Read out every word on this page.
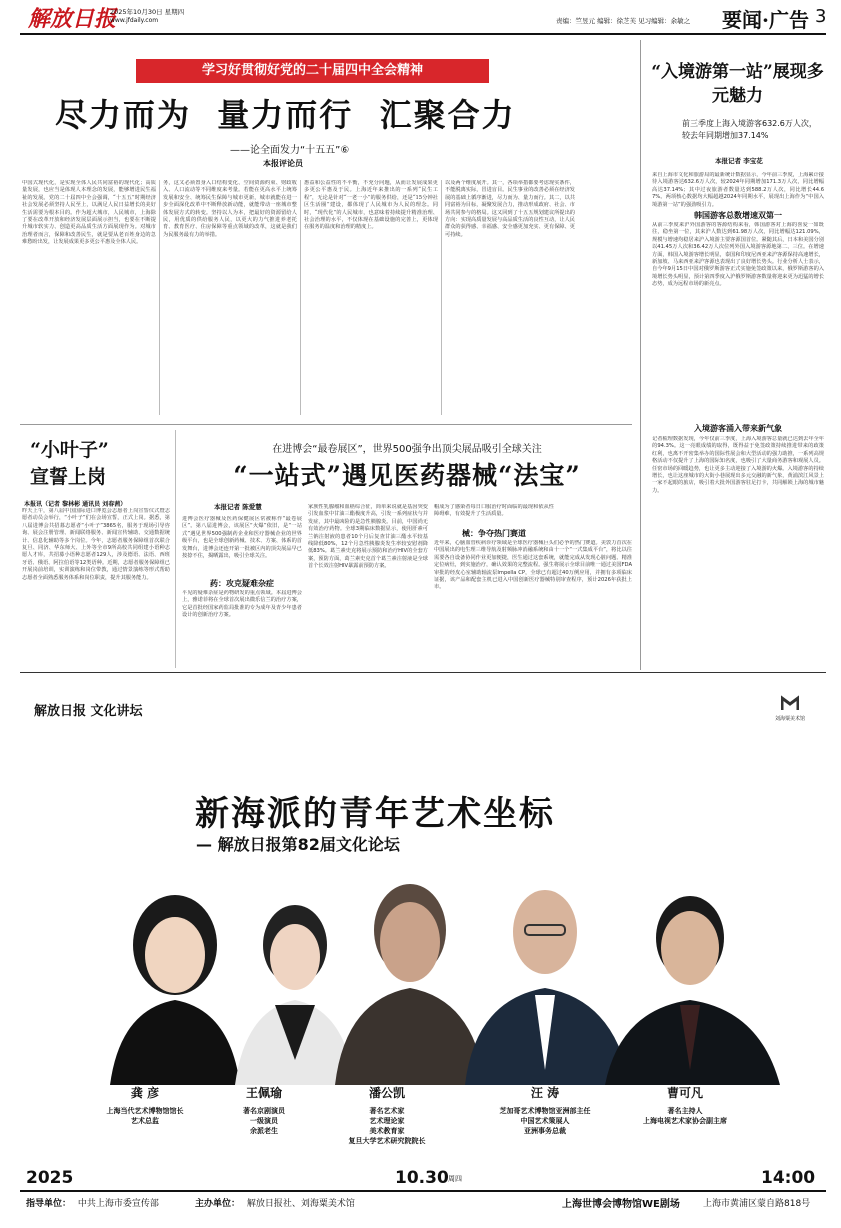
解放日报
2025年10月30日 星期四
www.jfdaily.com	责编：竺昱元 编辑：徐芝芙 见习编辑：余敏之 要闻·广告 3
学习好贯彻好党的二十届四中全会精神
尽力而为  量力而行  汇聚合力
——论全面发力“十五五”⑥
本报评论员
中国式现代化，是实现全体人民共同富裕的现代化；高质量发展，也应当是体现人本理念的发展，能够增进民生福祉的发展。党的二十届四中全会强调，“十五五”时期经济社会发展必须坚持人民至上，以满足人民日益增长的美好生活需要为根本目的。作为超大城市，人民城市，上海除了要在改革开放和经济发展层面展示担当，也要在不断提升城市软实力、创造更高品质生活方面展现作为。对城市治理者而言，保障和改善民生，就是要从老百姓身边的急难愁盼出发，让发展成果更多更公平惠及全体人民。
务，这又必须置身入口结构变化、空间资源约束、财政收入、人口流动等不同维度来考量。若能在更高水平上统筹发展和安全、统筹民生保障与城市更新，城市就能在进一步全面深化改革中不断释放新动能，就能带动一座城市整体发展方式的转变。坚持以人为本，把最好的资源留给人民，用优质的供给服务人民，以更大的力气推进养老托育、教育医疗、住房保障等重点领域的改革，这就是我们为民服务最有力的举措。
惠益和公益性的不平衡，不充分问题，从而让发展成果更多更公平惠及于民。上海近年来推出的一系列“民生工程”，无论是针对“一老一小”的服务供给，还是“15分钟社区生活圈”建设，都体现了人民城市为人民的理念。同时，“现代化”的人民城市，也意味着持续提升精准治理、社会治理的水平，不仅体现在基础设施的完善上，更体现在服务的温度和治理的精度上。
以及两个维度展开。其一，各项举措都要考虑现实条件，不能脱离实际，冒进盲目。民生事业的改善必须在经济发展的基础上循序渐进，尽力而为、量力而行。其二，以共同富裕为目标，凝聚发展合力，推动形成政府、社会、市场共同参与的格局。这又回到了十五五规划建议所提出的方向：实现高质量发展与高品质生活的良性互动，让人民群众的获得感、幸福感、安全感更加充实、更有保障、更可持续。
“入境游第一站”展现多元魅力
前三季度上海入境游客632.6万人次，较去年同期增加37.14%
本报记者 李宝花
来自上海市文化和旅游局的最新统计数据显示，今年前三季度，上海累计接待入境游客达632.6万人次，较2024年同期增加171.3万人次，同比增幅高达37.14%；其中过夜旅游者数量达到588.2万人次，同比增长44.67%。两项核心数据均大幅超越2024年同期水平，展现出上海作为“中国入境游第一站”的强劲吸引力。
韩国游客总数增速双第一
从前三季度来沪外国游客的客源结构来看，韩国游客对上海的喜爱一如既往，稳坐第一位，其来沪人数达到61.98万人次，同比增幅达121.09%，规模与增速均稳居来沪入境游主要客源国首位。紧随其后，日本和美国分别以41.45万人次和36.42万人次位列外国入境游客源地第二、三位。在增速方面，韩国入境游客增长明显，泰国和印度尼西亚来沪客源保持高速增长，新加坡、马来西亚来沪客源也表现出了良好增长势头。行业分析人士表示，自今年9月15日中国对俄罗斯游客正式实施免签政策以来，俄罗斯游客的入境增长势头明显，预计第四季度入沪俄罗斯游客数量将迎来更为迅猛的增长态势，成为远程市场的新亮点。
入境游客涌入带来新气象
记者梳理数据发现，今年仅前三季度，上海入境游客总量就已达到去年全年的94.3%。这一亮眼成绩的取得，既得益于免签政策持续推进带来的政策红利，也离不开密集举办的国际性展会和大型活动的强力助推，一系列高规格活动不仅提升了上海的国际知名度，也吸引了大量商务游客和观展人员。任密市场的回暖趋势，也让更多主动迎接了入境游的火爆。入境游客的持续增长，也让这座城市的大街小巷展现出多元交融的新气象，黄浦滨江风景上一家不起眼的旅店，吸引着大批外国游客驻足打卡，共同解锁上海的城市魅力。
“小叶子”
宣誓上岗
本报讯（记者 黎林彬 通讯员 刘春茜）
昨天上午，第八届中国国际进口博览会志愿者上岗宣誓仪式暨志愿者动员会举行，“小叶子”们在会场宣誓，正式上岗。据悉，第八届进博会共招募志愿者“小叶子”3865名，服务于现场引导咨询、展会注册管理、新闻联络服务、新闻宣传辅助、交通数据统计、信息化辅助等多个岗位。今年，志愿者服务保障组首次联合复旦、同济、华东师大、上外等全市9所高校共同组建小语种志愿人才库，共招募小语种志愿者129人，涉及德语、法语、西班牙语、俄语、阿拉伯语等12类语种。近期，志愿者服务保障组已开展岗前培训，实训演练和岗位带教，通过情景演练等形式帮助志愿者全面熟悉服务体系和岗位职责，提升其服务能力。
在进博会“最卷展区”，世界500强争出顶尖展品吸引全球关注
“一站式”遇见医药器械“法宝”
本报记者 陈爱慧
进博会医疗器械及医药保健展区常被称作“最卷展区”。第八届进博会，该展区“火爆”依旧，是“一站式”遇见世界500强制药企业和医疗器械企业的世界级平台，也是全球创新药械、技术、方案、体系的首发舞台，进博会还连开第一批被区内的顶尖展品早已按捺不住，揭晒露出，吸引全球关注。
药：攻克疑难杂症
平见的疑难杂症是药物研发的重点领域。本届进博会上，雅诺菲将在全球首次展出微乐信兰的治疗方案，它是首批经国家药监局批准的专为成年及青少年患者设计的创新治疗方案。
家族性乳腺瘤和血癌综合征，简单来说就是基因突变引发血浆中甘油三酯极度升高，引发一系列症状与并发症，其中最凶险的是急性胰腺炎。目前，中国尚无有效治疗药物。全球3期临床数据显示，使用肝素可兰钠注射液的患者10个月后复查甘油三酯水平较基线降低80%，12个月急性胰腺炎发生率较安慰剂降低83%。葛兰素史克将展示预防和治疗HIV的全套方案，预防方面，葛兰素史克首个葛兰素注射液是全球首个长效注射HIV暴露前预防方案。
帽成为了感染者每日口服治疗时面临的最现和依从性障碍难，有效提升了生活质量。
械：争夺热门赛道
近年来，心脑血管疾病诊疗领域是全球医疗器械巨头们必争的热门赛道。美敦力首次在中国展出的电生理三维导航及射频脉冲消融系统和由十一个“一式集成平台”，将比以往需要各自设备协同作业更加便捷，医生通过这套系统，就能完成从发现心脏问题、精准定位病灶，到实施治疗，确认效果的完整流程。强生将展示全球目前唯一通过美国FDA审批的经皮心室辅助轴流泵Impella CP，全球已有超过40万例应用，并拥有多项临床证据，该产品和配套主机已进入中国创新医疗器械特别审查程序，预计2026年获批上市。
解放日报 文化讲坛	刘海粟美术馆
新海派的青年艺术坐标
— 解放日报第82届文化论坛
龚 彦
上海当代艺术博物馆馆长
艺术总监
王佩瑜
著名京剧演员
一级演员
余派老生
潘公凯
著名艺术家
艺术理论家
美术教育家
复旦大学艺术研究院院长
汪 涛
芝加哥艺术博物馆亚洲部主任
中国艺术策展人
亚洲事务总裁
曹可凡
著名主持人
上海电视艺术家协会副主席
2025	10.30 周四	14:00
指导单位： 中共上海市委宣传部	主办单位： 解放日报社、刘海粟美术馆	上海世博会博物馆WE剧场	上海市黄浦区蒙自路818号
